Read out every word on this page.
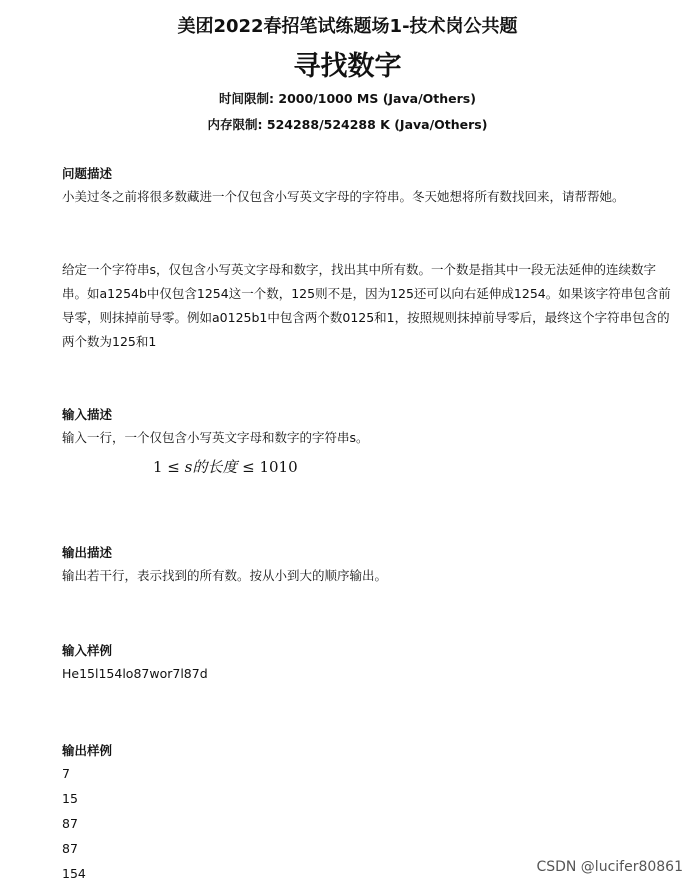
美团2022春招笔试练题场1-技术岗公共题
寻找数字
时间限制: 2000/1000 MS (Java/Others)
内存限制: 524288/524288 K (Java/Others)
问题描述
小美过冬之前将很多数藏进一个仅包含小写英文字母的字符串。冬天她想将所有数找回来，请帮帮她。
给定一个字符串s，仅包含小写英文字母和数字，找出其中所有数。一个数是指其中一段无法延伸的连续数字串。如a1254b中仅包含1254这一个数，125则不是，因为125还可以向右延伸成1254。如果该字符串包含前导零，则抹掉前导零。例如a0125b1中包含两个数0125和1，按照规则抹掉前导零后，最终这个字符串包含的两个数为125和1
输入描述
输入一行，一个仅包含小写英文字母和数字的字符串s。
1 ≤ s的长度 ≤ 1010
输出描述
输出若干行，表示找到的所有数。按从小到大的顺序输出。
输入样例
He15l154lo87wor7l87d
输出样例
7
15
87
87
154	CSDN @lucifer80861
